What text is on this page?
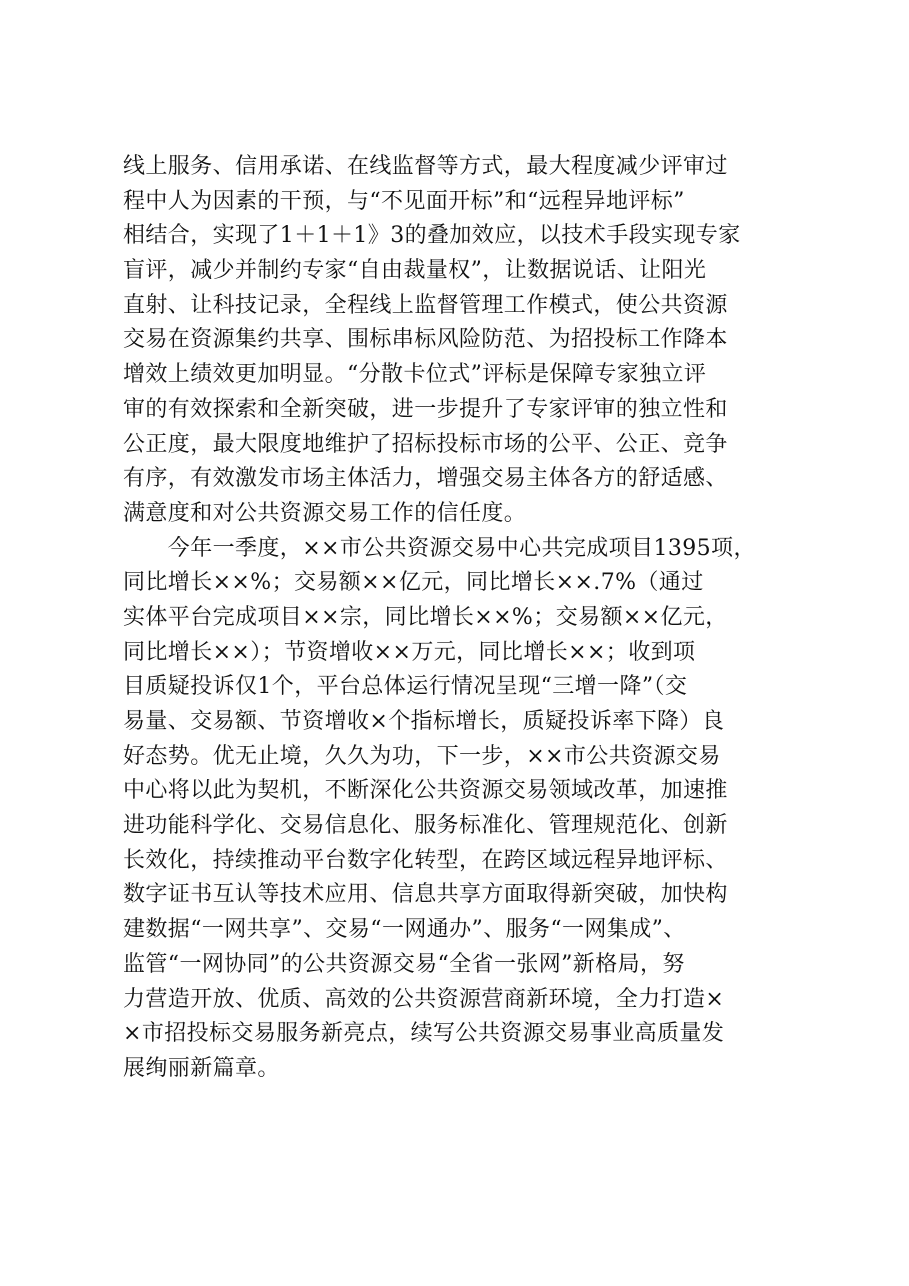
线上服务、信用承诺、在线监督等方式，最大程度减少评审过
程中人为因素的干预，与“不见面开标”和“远程异地评标”
相结合，实现了1＋1＋1》3的叠加效应，以技术手段实现专家
盲评，减少并制约专家“自由裁量权”，让数据说话、让阳光
直射、让科技记录，全程线上监督管理工作模式，使公共资源
交易在资源集约共享、围标串标风险防范、为招投标工作降本
增效上绩效更加明显。“分散卡位式”评标是保障专家独立评
审的有效探索和全新突破，进一步提升了专家评审的独立性和
公正度，最大限度地维护了招标投标市场的公平、公正、竞争
有序，有效激发市场主体活力，增强交易主体各方的舒适感、
满意度和对公共资源交易工作的信任度。
　　今年一季度，××市公共资源交易中心共完成项目1395项，
同比增长××%；交易额××亿元，同比增长××.7%（通过
实体平台完成项目××宗，同比增长××%；交易额××亿元，
同比增长××）；节资增收××万元，同比增长××；收到项
目质疑投诉仅1个，平台总体运行情况呈现“三增一降”（交
易量、交易额、节资增收×个指标增长，质疑投诉率下降）良
好态势。优无止境，久久为功，下一步，××市公共资源交易
中心将以此为契机，不断深化公共资源交易领域改革，加速推
进功能科学化、交易信息化、服务标准化、管理规范化、创新
长效化，持续推动平台数字化转型，在跨区域远程异地评标、
数字证书互认等技术应用、信息共享方面取得新突破，加快构
建数据“一网共享”、交易“一网通办”、服务“一网集成”、
监管“一网协同”的公共资源交易“全省一张网”新格局，努
力营造开放、优质、高效的公共资源营商新环境，全力打造×
×市招投标交易服务新亮点，续写公共资源交易事业高质量发
展绚丽新篇章。
